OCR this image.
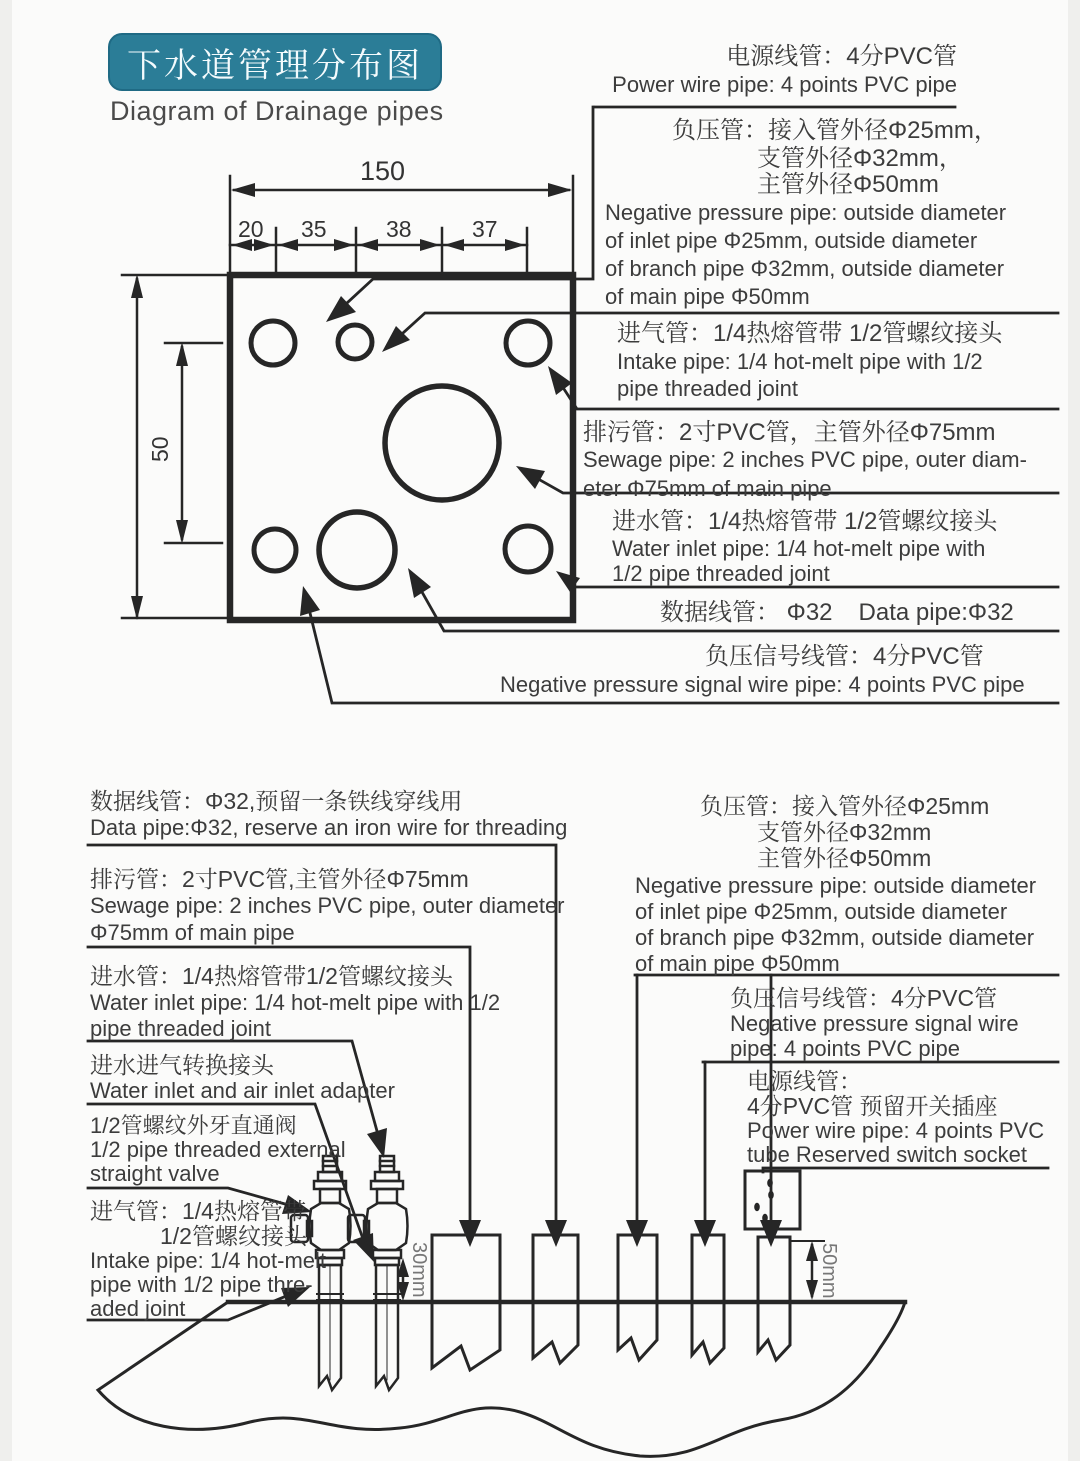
下水道管理分布图
Diagram of Drainage pipes
150
20 35	38	37
50
30mm	50mm
电源线管：4分PVC管
Power wire pipe: 4 points PVC pipe
负压管：接入管外径Φ25mm，
支管外径Φ32mm，
主管外径Φ50mm
Negative pressure pipe: outside diameter
of inlet pipe Φ25mm, outside diameter
of branch pipe Φ32mm, outside diameter
of main pipe Φ50mm
进气管：1/4热熔管带 1/2管螺纹接头
Intake pipe: 1/4 hot-melt pipe with 1/2
pipe threaded joint
排污管：2寸PVC管，主管外径Φ75mm
Sewage pipe: 2 inches PVC pipe, outer diam-
eter Φ75mm of main pipe
进水管：1/4热熔管带 1/2管螺纹接头
Water inlet pipe: 1/4 hot-melt pipe with
1/2 pipe threaded joint
数据线管： Φ32 Data pipe:Φ32
负压信号线管：4分PVC管
Negative pressure signal wire pipe: 4 points PVC pipe
数据线管：Φ32,预留一条铁线穿线用
Data pipe:Φ32, reserve an iron wire for threading
排污管：2寸PVC管,主管外径Φ75mm
Sewage pipe: 2 inches PVC pipe, outer diameter
Φ75mm of main pipe
进水管：1/4热熔管带1/2管螺纹接头
Water inlet pipe: 1/4 hot-melt pipe with 1/2
pipe threaded joint
进水进气转换接头
Water inlet and air inlet adapter
1/2管螺纹外牙直通阀
1/2 pipe threaded external
straight valve
进气管：1/4热熔管带
1/2管螺纹接头
Intake pipe: 1/4 hot-melt
pipe with 1/2 pipe thre-
aded joint
负压管：接入管外径Φ25mm
支管外径Φ32mm
主管外径Φ50mm
Negative pressure pipe: outside diameter
of inlet pipe Φ25mm, outside diameter
of branch pipe Φ32mm, outside diameter
of main pipe Φ50mm
负压信号线管：4分PVC管
Negative pressure signal wire
pipe: 4 points PVC pipe
电源线管：
4分PVC管 预留开关插座
Power wire pipe: 4 points PVC
tube Reserved switch socket
